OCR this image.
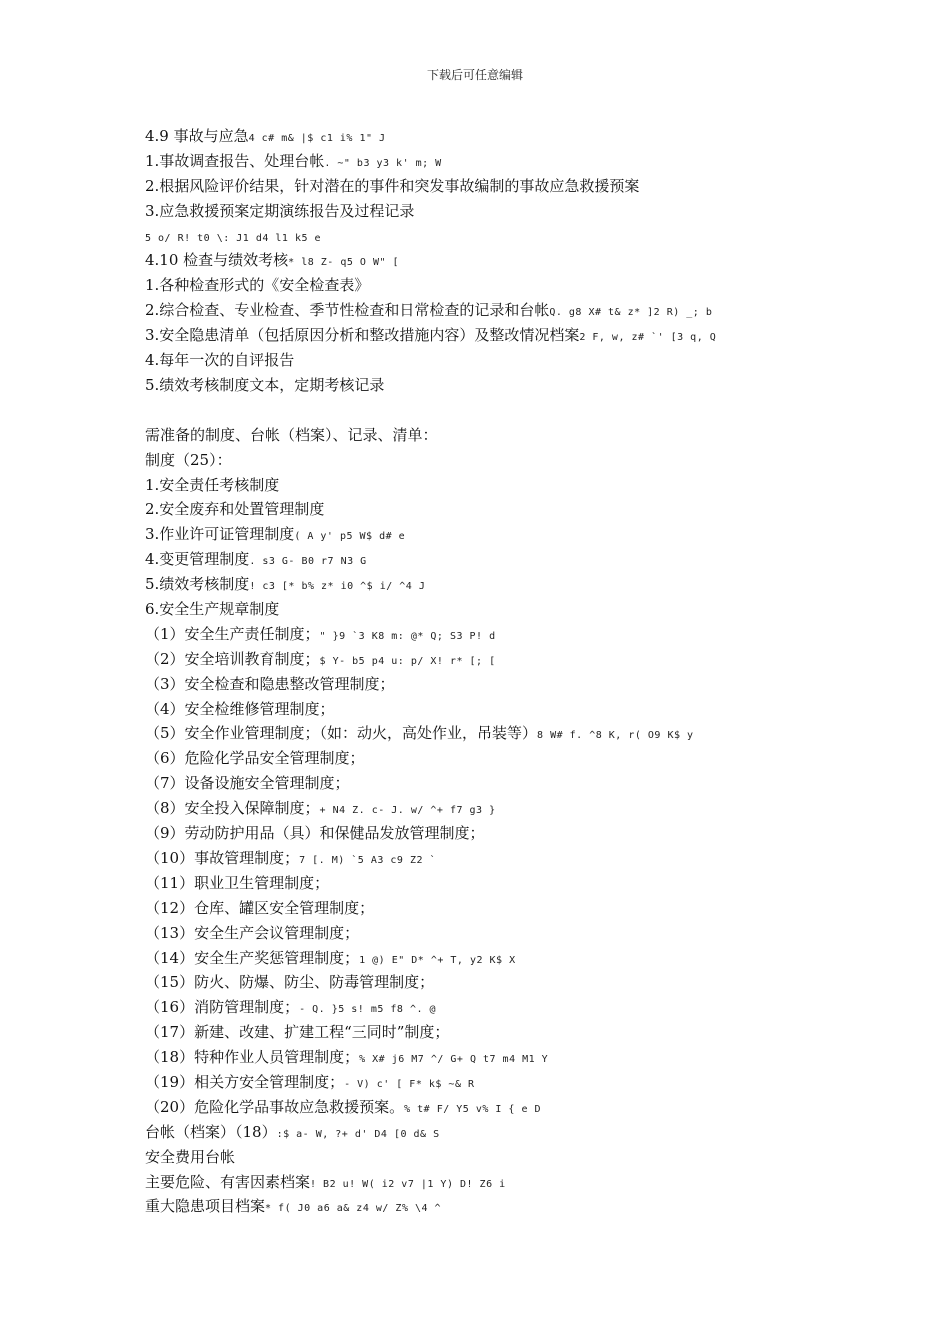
下载后可任意编辑
4.9 事故与应急4 c# m& |$ c1 i% 1" J
1.事故调查报告、处理台帐. ~" b3 y3 k' m; W
2.根据风险评价结果，针对潜在的事件和突发事故编制的事故应急救援预案
3.应急救援预案定期演练报告及过程记录
5 o/ R! t0 \: J1 d4 l1 k5 e
4.10 检查与绩效考核* l8 Z- q5 O W" [
1.各种检查形式的《安全检查表》
2.综合检查、专业检查、季节性检查和日常检查的记录和台帐Q. g8 X# t& z* ]2 R) _; b
3.安全隐患清单（包括原因分析和整改措施内容）及整改情况档案2 F, w, z# `' [3 q, Q
4.每年一次的自评报告
5.绩效考核制度文本，定期考核记录
需准备的制度、台帐（档案）、记录、清单：
制度（25）：
1.安全责任考核制度
2.安全废弃和处置管理制度
3.作业许可证管理制度( A y' p5 W$ d# e
4.变更管理制度. s3 G- B0 r7 N3 G
5.绩效考核制度! c3 [* b% z* i0 ^$ i/ ^4 J
6.安全生产规章制度
（1）安全生产责任制度；" }9 `3 K8 m: @* Q; S3 P! d
（2）安全培训教育制度；$ Y- b5 p4 u: p/ X! r* [; [
（3）安全检查和隐患整改管理制度；
（4）安全检维修管理制度；
（5）安全作业管理制度；（如：动火，高处作业，吊装等）8 W# f. ^8 K, r( O9 K$ y
（6）危险化学品安全管理制度；
（7）设备设施安全管理制度；
（8）安全投入保障制度；+ N4 Z. c- J. w/ ^+ f7 g3 }
（9）劳动防护用品（具）和保健品发放管理制度；
（10）事故管理制度；7 [. M) `5 A3 c9 Z2 `
（11）职业卫生管理制度；
（12）仓库、罐区安全管理制度；
（13）安全生产会议管理制度；
（14）安全生产奖惩管理制度；1 @) E" D* ^+ T, y2 K$ X
（15）防火、防爆、防尘、防毒管理制度；
（16）消防管理制度；- Q. }5 s! m5 f8 ^. @
（17）新建、改建、扩建工程“三同时”制度；
（18）特种作业人员管理制度；% X# j6 M7 ^/ G+ Q t7 m4 M1 Y
（19）相关方安全管理制度；- V) c' [ F* k$ ~& R
（20）危险化学品事故应急救援预案。% t# F/ Y5 v% I { e D
台帐（档案）（18）:$ a- W, ?+ d' D4 [0 d& S
安全费用台帐
主要危险、有害因素档案! B2 u! W( i2 v7 |1 Y) D! Z6 i
重大隐患项目档案* f( J0 a6 a& z4 w/ Z% \4 ^
